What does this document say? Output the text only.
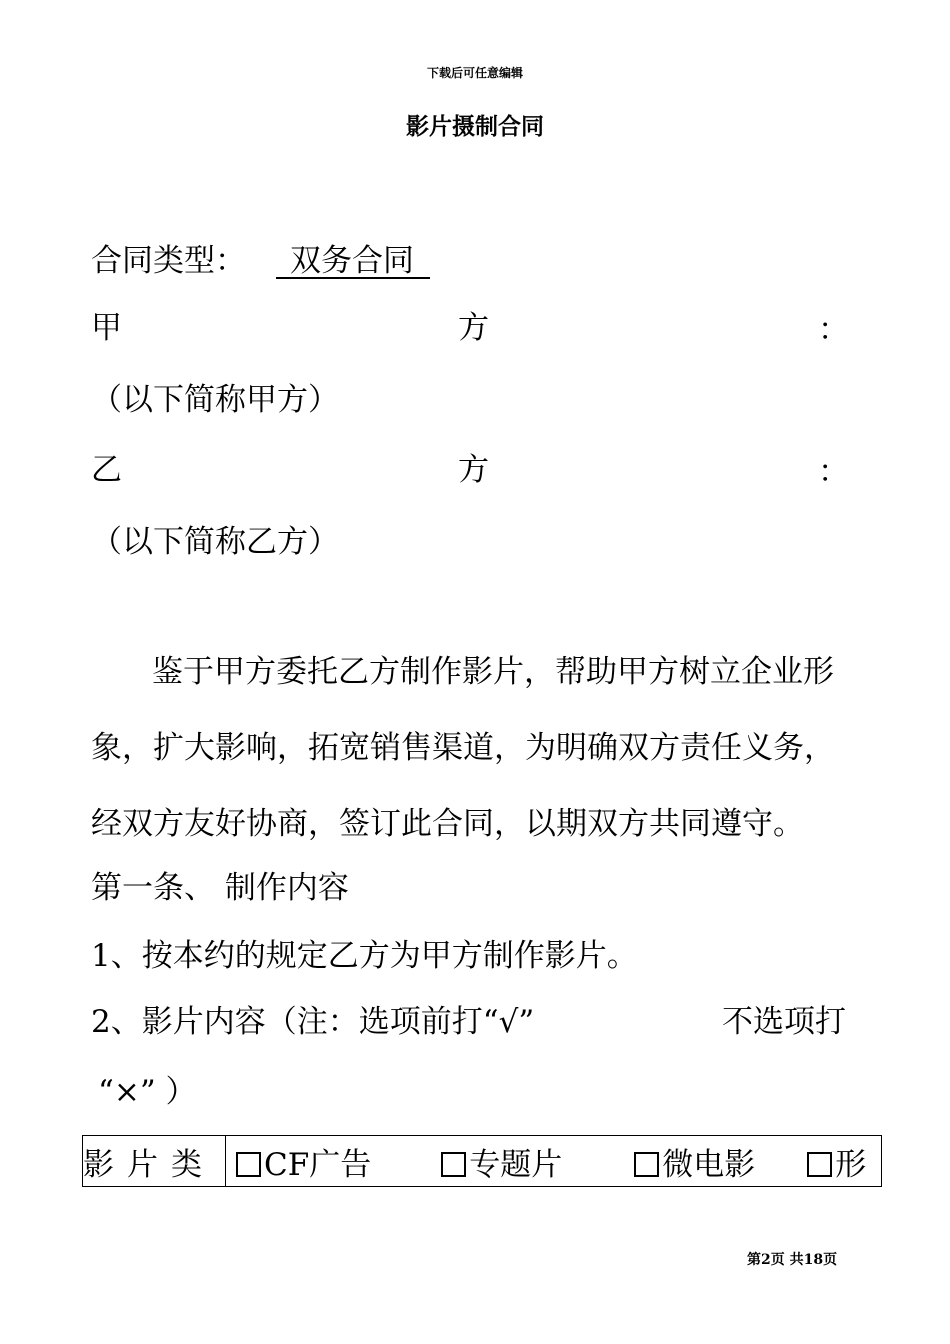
下载后可任意编辑
影片摄制合同
合同类型： 双务合同
甲	方	：
（以下简称甲方）
乙	方	：
（以下简称乙方）
鉴于甲方委托乙方制作影片，帮助甲方树立企业形
象，扩大影响，拓宽销售渠道，为明确双方责任义务，
经双方友好协商，签订此合同，以期双方共同遵守。
第一条、 制作内容
1、按本约的规定乙方为甲方制作影片。
2、影片内容（注：选项前打“√”	不选项打
“×” ）
影片类	CF广告	专题片	微电影	形
第2页 共18页
